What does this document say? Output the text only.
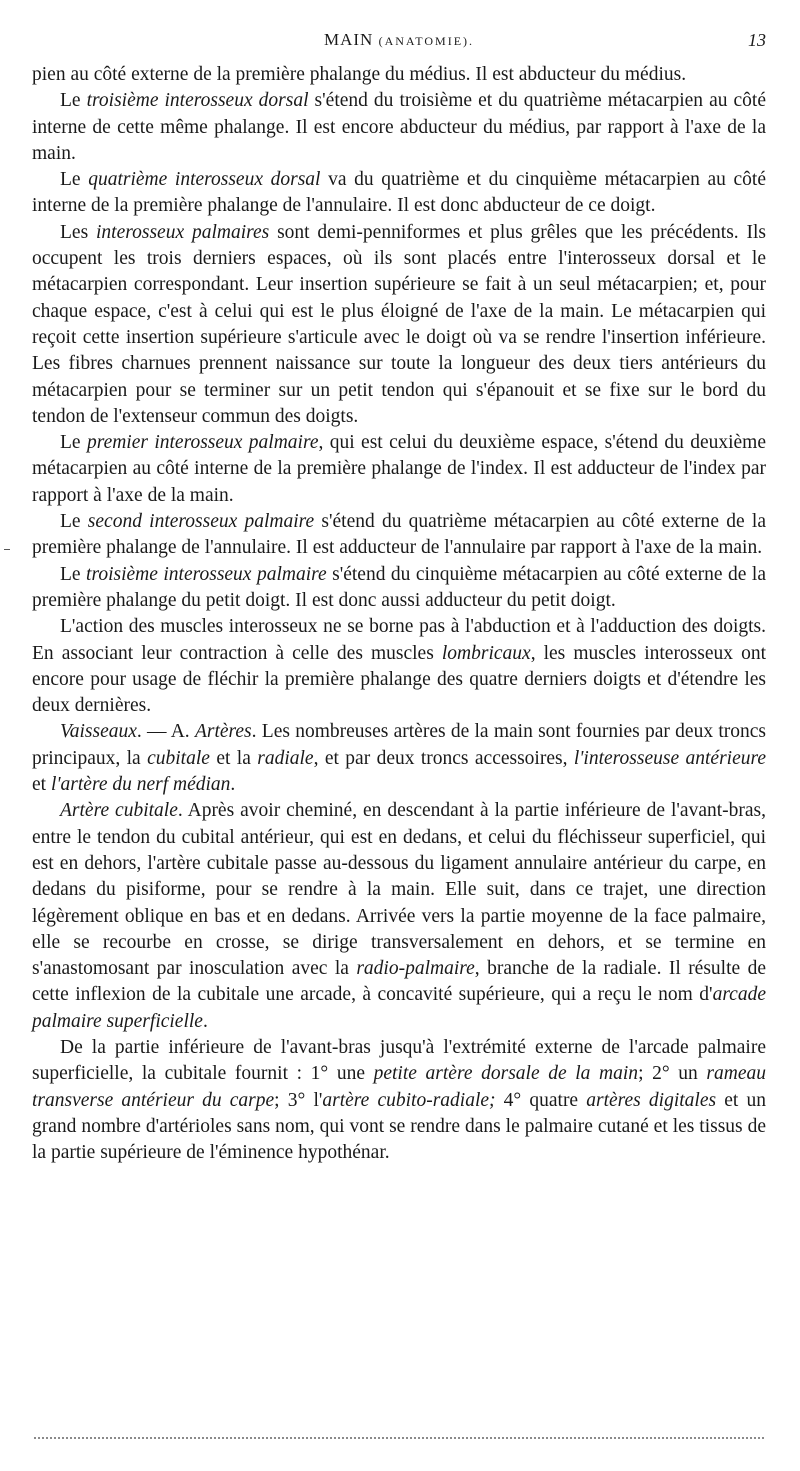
MAIN (ANATOMIE).	13

pien au côté externe de la première phalange du médius. Il est abducteur du médius.

Le troisième interosseux dorsal s'étend du troisième et du quatrième métacarpien au côté interne de cette même phalange. Il est encore abducteur du médius, par rapport à l'axe de la main.

Le quatrième interosseux dorsal va du quatrième et du cinquième métacarpien au côté interne de la première phalange de l'annulaire. Il est donc abducteur de ce doigt.

Les interosseux palmaires sont demi-penniformes et plus grêles que les précédents. Ils occupent les trois derniers espaces, où ils sont placés entre l'interosseux dorsal et le métacarpien correspondant. Leur insertion supérieure se fait à un seul métacarpien; et, pour chaque espace, c'est à celui qui est le plus éloigné de l'axe de la main. Le métacarpien qui reçoit cette insertion supérieure s'articule avec le doigt où va se rendre l'insertion inférieure. Les fibres charnues prennent naissance sur toute la longueur des deux tiers antérieurs du métacarpien pour se terminer sur un petit tendon qui s'épanouit et se fixe sur le bord du tendon de l'extenseur commun des doigts.

Le premier interosseux palmaire, qui est celui du deuxième espace, s'étend du deuxième métacarpien au côté interne de la première phalange de l'index. Il est adducteur de l'index par rapport à l'axe de la main.

Le second interosseux palmaire s'étend du quatrième métacarpien au côté externe de la première phalange de l'annulaire. Il est adducteur de l'annulaire par rapport à l'axe de la main.

Le troisième interosseux palmaire s'étend du cinquième métacarpien au côté externe de la première phalange du petit doigt. Il est donc aussi adducteur du petit doigt.

L'action des muscles interosseux ne se borne pas à l'abduction et à l'adduction des doigts. En associant leur contraction à celle des muscles lombricaux, les muscles interosseux ont encore pour usage de fléchir la première phalange des quatre derniers doigts et d'étendre les deux dernières.

Vaisseaux. — A. Artères. Les nombreuses artères de la main sont fournies par deux troncs principaux, la cubitale et la radiale, et par deux troncs accessoires, l'interosseuse antérieure et l'artère du nerf médian.

Artère cubitale. Après avoir cheminé, en descendant à la partie inférieure de l'avant-bras, entre le tendon du cubital antérieur, qui est en dedans, et celui du fléchisseur superficiel, qui est en dehors, l'artère cubitale passe au-dessous du ligament annulaire antérieur du carpe, en dedans du pisiforme, pour se rendre à la main. Elle suit, dans ce trajet, une direction légèrement oblique en bas et en dedans. Arrivée vers la partie moyenne de la face palmaire, elle se recourbe en crosse, se dirige transversalement en dehors, et se termine en s'anastomosant par inosculation avec la radio-palmaire, branche de la radiale. Il résulte de cette inflexion de la cubitale une arcade, à concavité supérieure, qui a reçu le nom d'arcade palmaire superficielle.

De la partie inférieure de l'avant-bras jusqu'à l'extrémité externe de l'arcade palmaire superficielle, la cubitale fournit : 1° une petite artère dorsale de la main; 2° un rameau transverse antérieur du carpe; 3° l'artère cubito-radiale; 4° quatre artères digitales et un grand nombre d'artérioles sans nom, qui vont se rendre dans le palmaire cutané et les tissus de la partie supérieure de l'éminence hypothénar.
